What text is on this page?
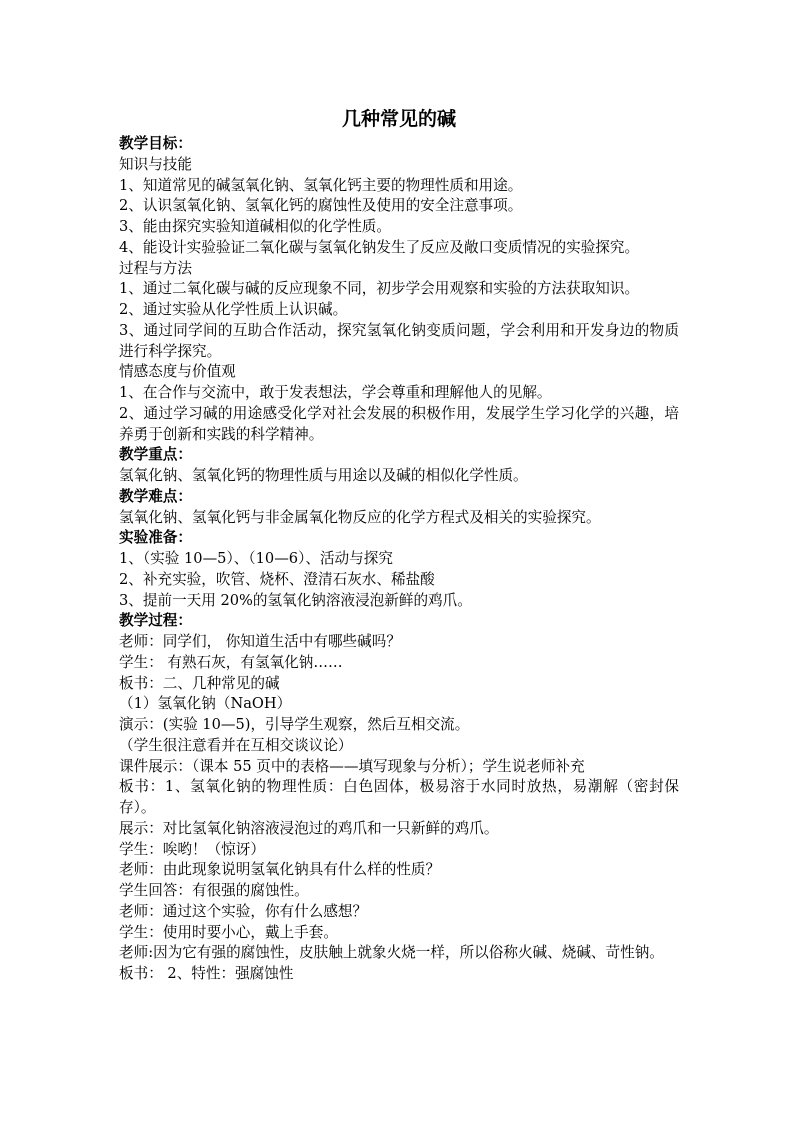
几种常见的碱

教学目标：

知识与技能

1、知道常见的碱氢氧化钠、氢氧化钙主要的物理性质和用途。

2、认识氢氧化钠、氢氧化钙的腐蚀性及使用的安全注意事项。

3、能由探究实验知道碱相似的化学性质。

4、能设计实验验证二氧化碳与氢氧化钠发生了反应及敞口变质情况的实验探究。

过程与方法

1、通过二氧化碳与碱的反应现象不同，初步学会用观察和实验的方法获取知识。

2、通过实验从化学性质上认识碱。

3、通过同学间的互助合作活动，探究氢氧化钠变质问题，学会利用和开发身边的物质进行科学探究。

情感态度与价值观

1、在合作与交流中，敢于发表想法，学会尊重和理解他人的见解。

2、通过学习碱的用途感受化学对社会发展的积极作用，发展学生学习化学的兴趣，培养勇于创新和实践的科学精神。

教学重点：

氢氧化钠、氢氧化钙的物理性质与用途以及碱的相似化学性质。

教学难点：

氢氧化钠、氢氧化钙与非金属氧化物反应的化学方程式及相关的实验探究。

实验准备：

1、（实验 10—5）、（10—6）、活动与探究

2、补充实验，吹管、烧杯、澄清石灰水、稀盐酸

3、提前一天用 20%的氢氧化钠溶液浸泡新鲜的鸡爪。

教学过程：

老师：同学们， 你知道生活中有哪些碱吗？

学生： 有熟石灰，有氢氧化钠……

板书：二、几种常见的碱

（1）氢氧化钠（NaOH）

演示：(实验 10—5)，引导学生观察，然后互相交流。

（学生很注意看并在互相交谈议论）

课件展示：（课本 55 页中的表格——填写现象与分析）；学生说老师补充

板书：1、氢氧化钠的物理性质：白色固体，极易溶于水同时放热，易潮解（密封保存）。

展示：对比氢氧化钠溶液浸泡过的鸡爪和一只新鲜的鸡爪。

学生：唉哟！（惊讶）

老师：由此现象说明氢氧化钠具有什么样的性质？

学生回答：有很强的腐蚀性。

老师：通过这个实验，你有什么感想？

学生：使用时要小心，戴上手套。

老师:因为它有强的腐蚀性，皮肤触上就象火烧一样，所以俗称火碱、烧碱、苛性钠。

板书： 2、特性：强腐蚀性
